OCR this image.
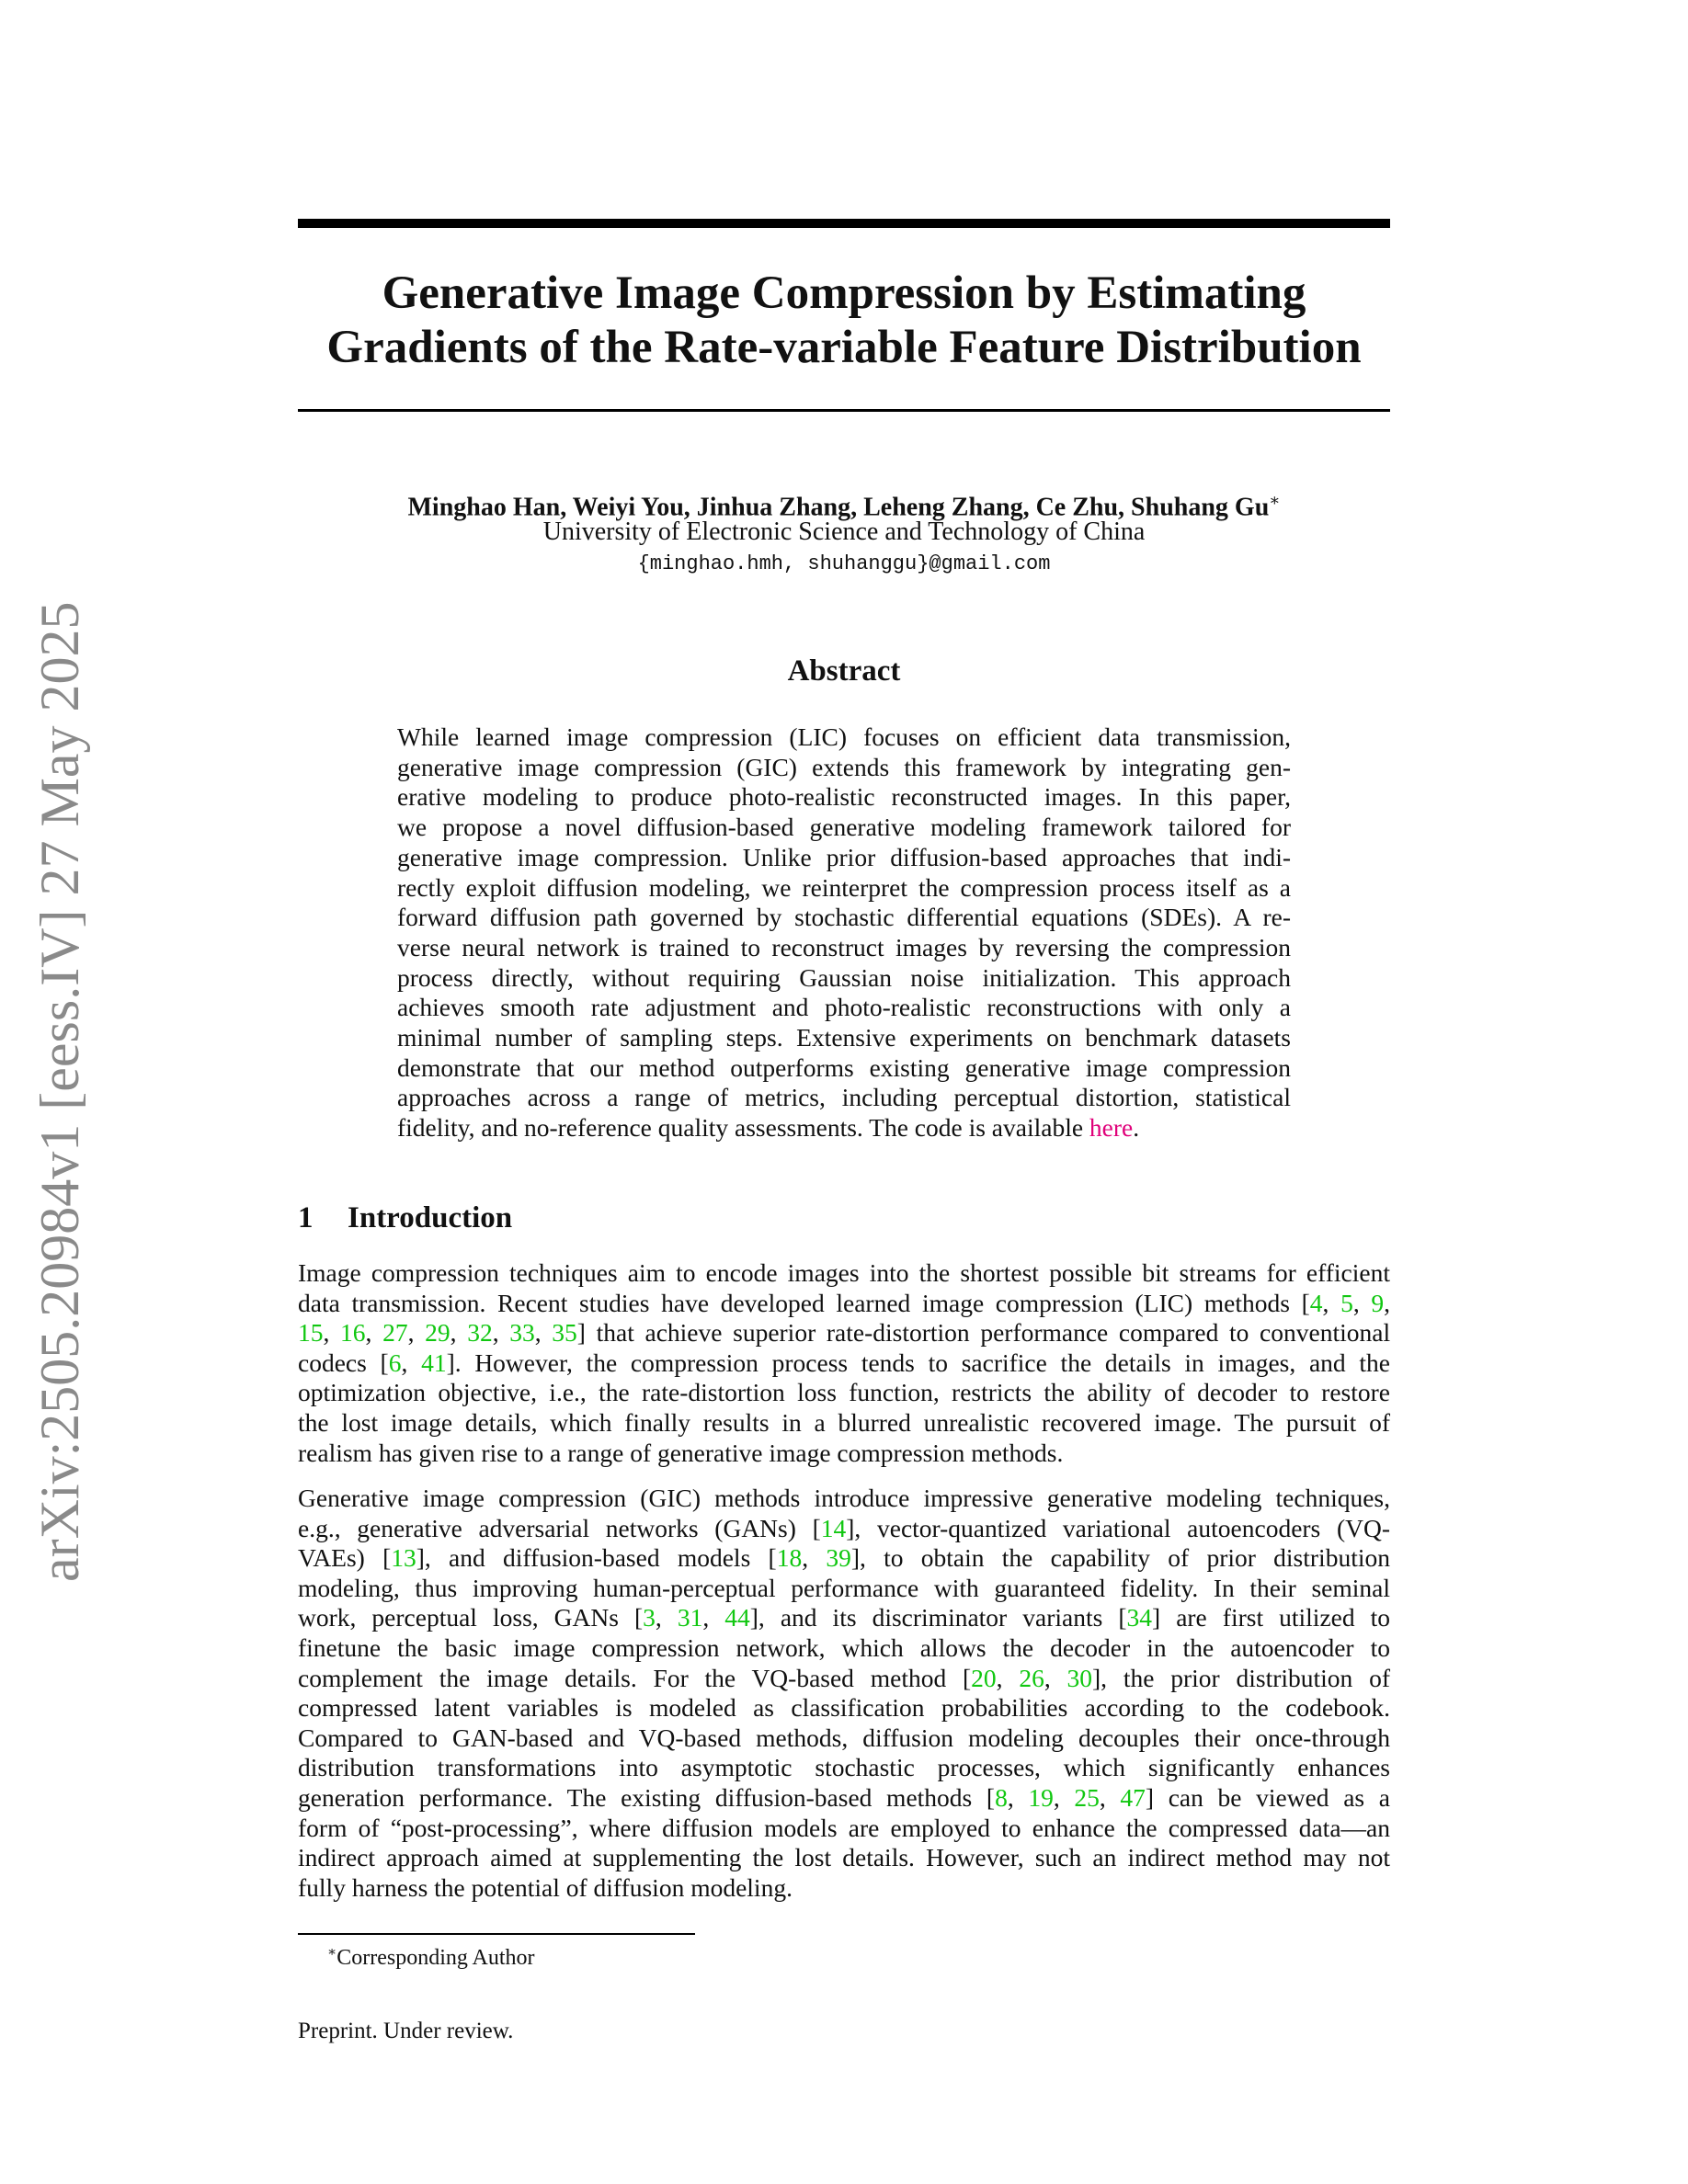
arXiv:2505.20984v1 [eess.IV] 27 May 2025
Generative Image Compression by Estimating
Gradients of the Rate-variable Feature Distribution
Minghao Han, Weiyi You, Jinhua Zhang, Leheng Zhang, Ce Zhu, Shuhang Gu∗
University of Electronic Science and Technology of China
{minghao.hmh, shuhanggu}@gmail.com
Abstract
While learned image compression (LIC) focuses on efficient data transmission,
generative image compression (GIC) extends this framework by integrating gen-
erative modeling to produce photo-realistic reconstructed images. In this paper,
we propose a novel diffusion-based generative modeling framework tailored for
generative image compression. Unlike prior diffusion-based approaches that indi-
rectly exploit diffusion modeling, we reinterpret the compression process itself as a
forward diffusion path governed by stochastic differential equations (SDEs). A re-
verse neural network is trained to reconstruct images by reversing the compression
process directly, without requiring Gaussian noise initialization. This approach
achieves smooth rate adjustment and photo-realistic reconstructions with only a
minimal number of sampling steps. Extensive experiments on benchmark datasets
demonstrate that our method outperforms existing generative image compression
approaches across a range of metrics, including perceptual distortion, statistical
fidelity, and no-reference quality assessments. The code is available here.
1 Introduction
Image compression techniques aim to encode images into the shortest possible bit streams for efficient
data transmission. Recent studies have developed learned image compression (LIC) methods [4, 5, 9,
15, 16, 27, 29, 32, 33, 35] that achieve superior rate-distortion performance compared to conventional
codecs [6, 41]. However, the compression process tends to sacrifice the details in images, and the
optimization objective, i.e., the rate-distortion loss function, restricts the ability of decoder to restore
the lost image details, which finally results in a blurred unrealistic recovered image. The pursuit of
realism has given rise to a range of generative image compression methods.
Generative image compression (GIC) methods introduce impressive generative modeling techniques,
e.g., generative adversarial networks (GANs) [14], vector-quantized variational autoencoders (VQ-
VAEs) [13], and diffusion-based models [18, 39], to obtain the capability of prior distribution
modeling, thus improving human-perceptual performance with guaranteed fidelity. In their seminal
work, perceptual loss, GANs [3, 31, 44], and its discriminator variants [34] are first utilized to
finetune the basic image compression network, which allows the decoder in the autoencoder to
complement the image details. For the VQ-based method [20, 26, 30], the prior distribution of
compressed latent variables is modeled as classification probabilities according to the codebook.
Compared to GAN-based and VQ-based methods, diffusion modeling decouples their once-through
distribution transformations into asymptotic stochastic processes, which significantly enhances
generation performance. The existing diffusion-based methods [8, 19, 25, 47] can be viewed as a
form of “post-processing”, where diffusion models are employed to enhance the compressed data—an
indirect approach aimed at supplementing the lost details. However, such an indirect method may not
fully harness the potential of diffusion modeling.
∗Corresponding Author
Preprint. Under review.
